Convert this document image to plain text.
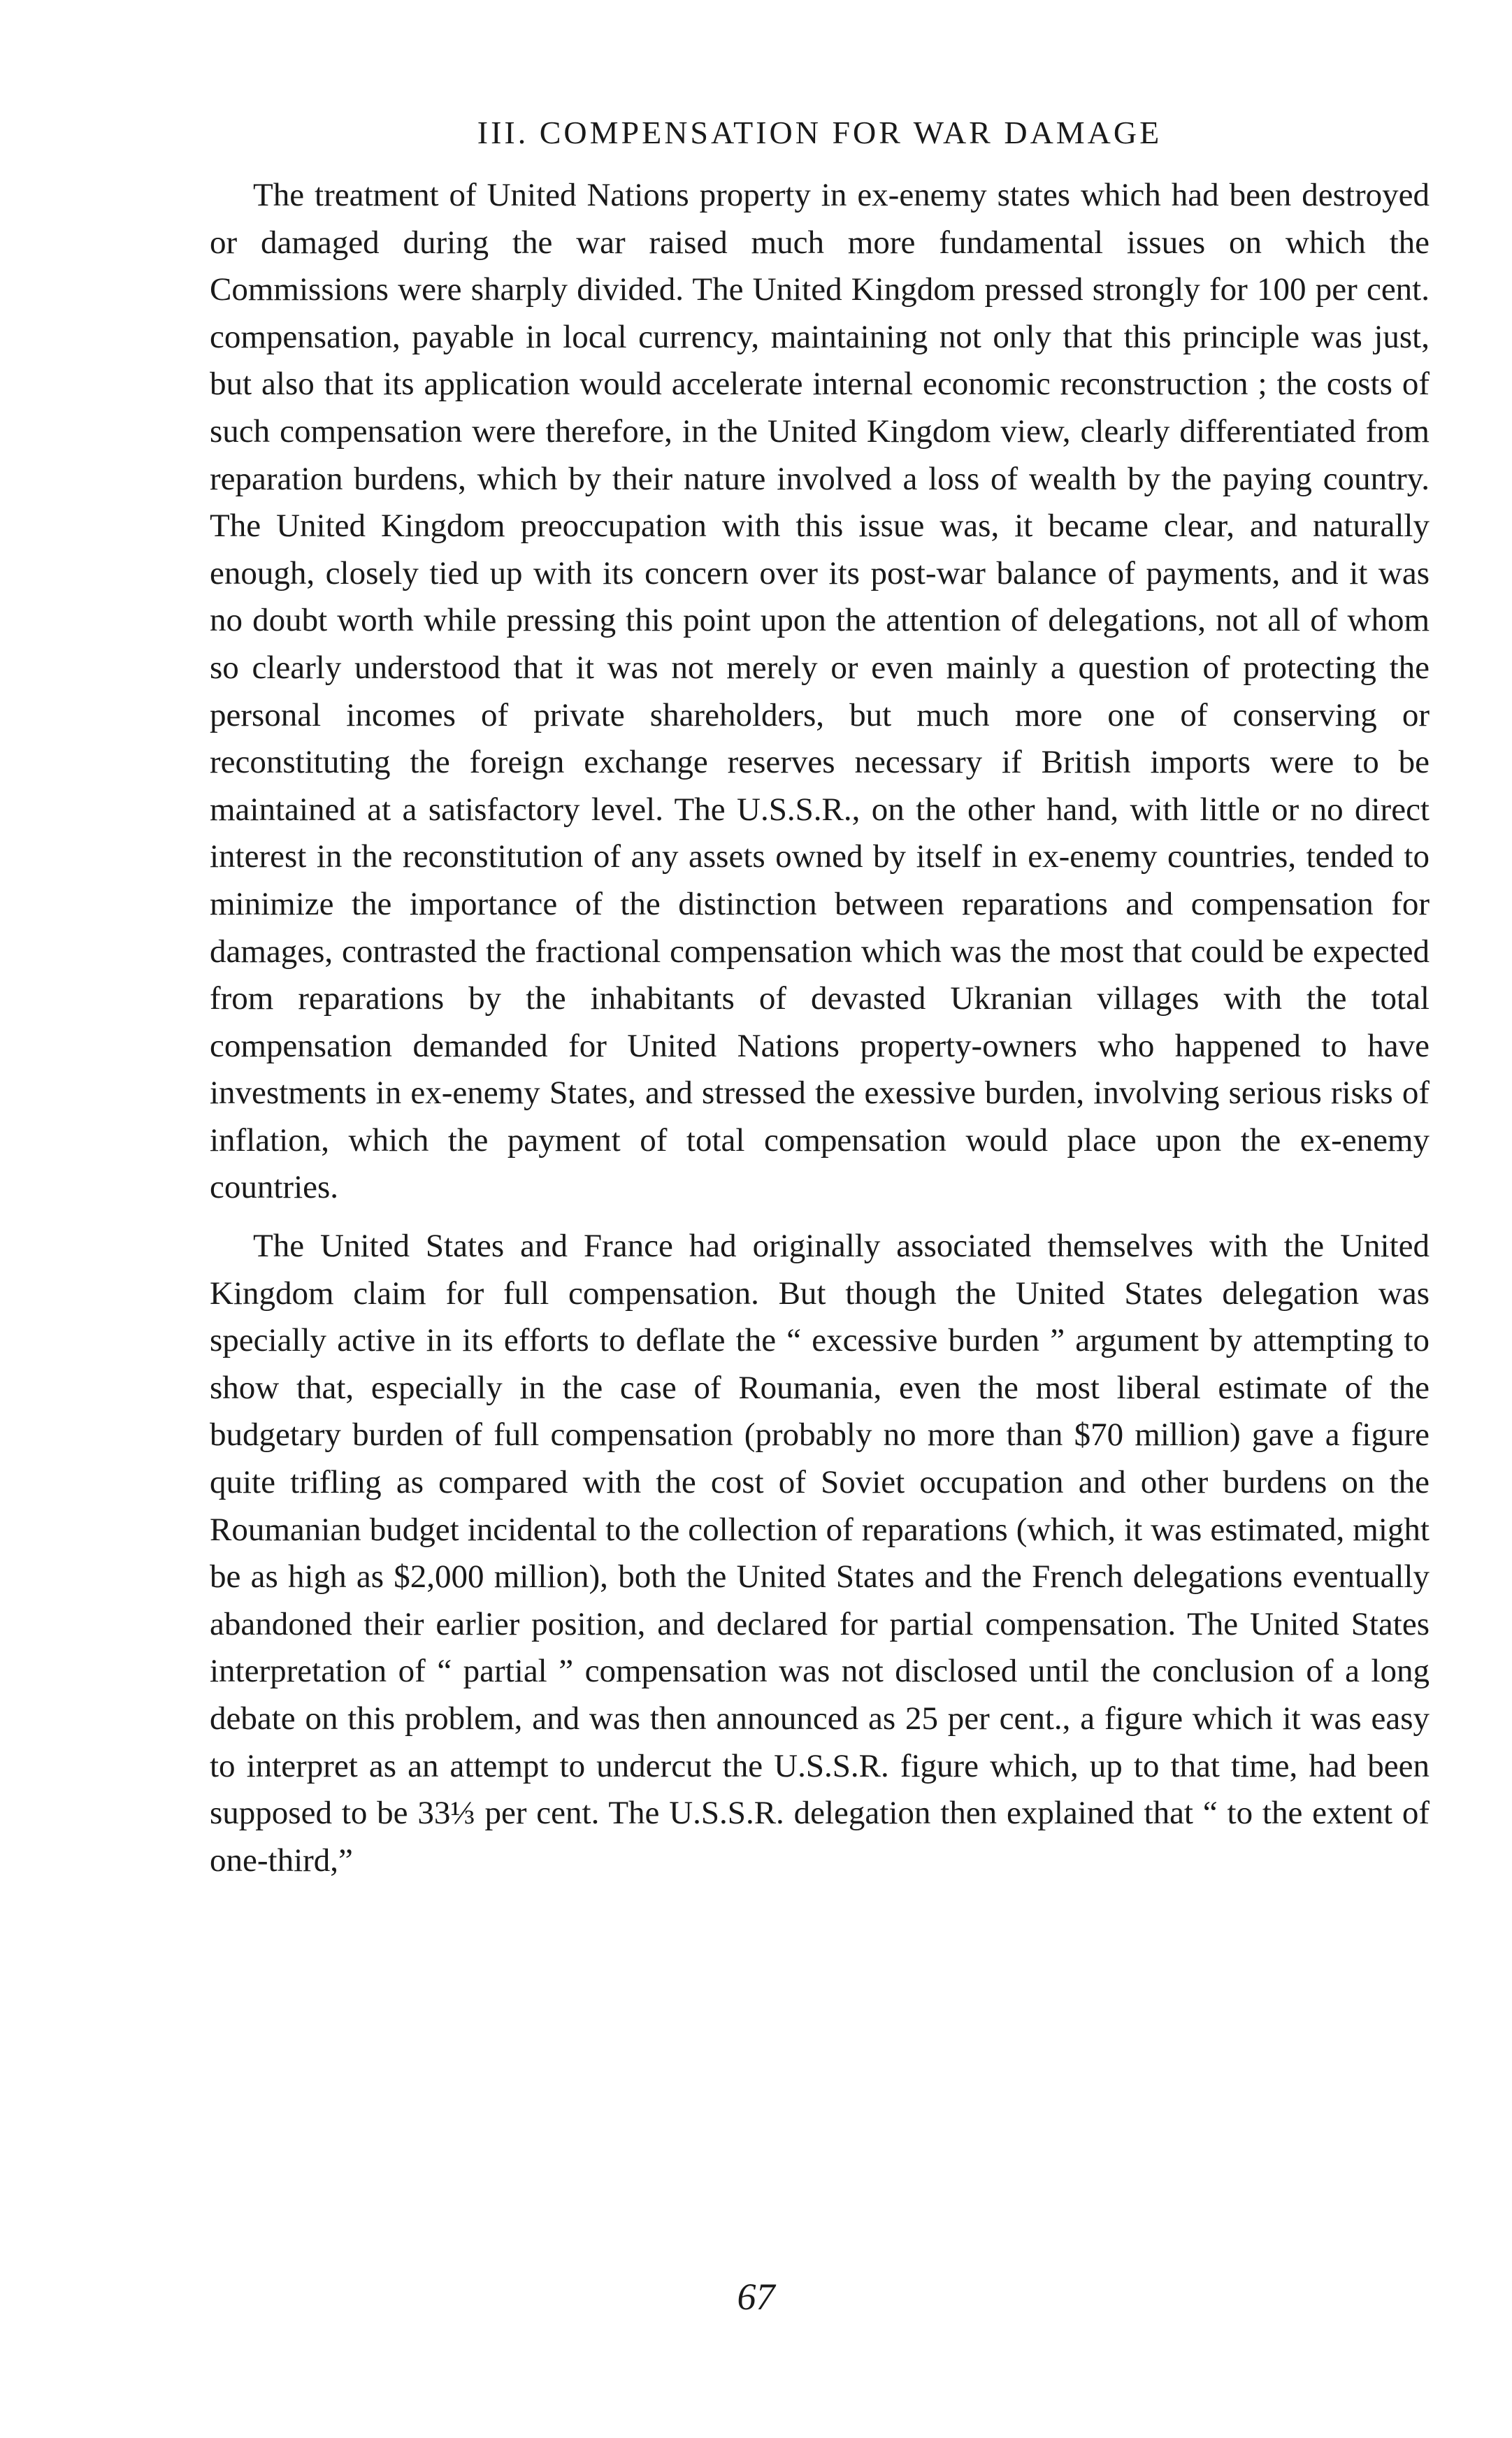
III. COMPENSATION FOR WAR DAMAGE

The treatment of United Nations property in ex-enemy states which had been destroyed or damaged during the war raised much more fundamental issues on which the Commissions were sharply divided. The United Kingdom pressed strongly for 100 per cent. compensation, payable in local currency, maintaining not only that this principle was just, but also that its application would accelerate internal economic reconstruction ; the costs of such compensation were therefore, in the United Kingdom view, clearly differentiated from reparation burdens, which by their nature involved a loss of wealth by the paying country. The United Kingdom preoccupation with this issue was, it became clear, and naturally enough, closely tied up with its concern over its post-war balance of payments, and it was no doubt worth while pressing this point upon the attention of delegations, not all of whom so clearly understood that it was not merely or even mainly a question of protecting the personal incomes of private shareholders, but much more one of conserving or reconstituting the foreign exchange reserves necessary if British imports were to be maintained at a satisfactory level. The U.S.S.R., on the other hand, with little or no direct interest in the reconstitution of any assets owned by itself in ex-enemy countries, tended to minimize the importance of the distinction between reparations and compensation for damages, contrasted the fractional compensation which was the most that could be expected from reparations by the inhabitants of devasted Ukranian villages with the total compensation demanded for United Nations property-owners who happened to have investments in ex-enemy States, and stressed the exessive burden, involving serious risks of inflation, which the payment of total compensation would place upon the ex-enemy countries.

The United States and France had originally associated themselves with the United Kingdom claim for full compensation. But though the United States delegation was specially active in its efforts to deflate the “ excessive burden ” argument by attempting to show that, especially in the case of Roumania, even the most liberal estimate of the budgetary burden of full compensation (probably no more than $70 million) gave a figure quite trifling as compared with the cost of Soviet occupation and other burdens on the Roumanian budget incidental to the collection of reparations (which, it was estimated, might be as high as $2,000 million), both the United States and the French delegations eventually abandoned their earlier position, and declared for partial compensation. The United States interpretation of “ partial ” compensation was not disclosed until the conclusion of a long debate on this problem, and was then announced as 25 per cent., a figure which it was easy to interpret as an attempt to undercut the U.S.S.R. figure which, up to that time, had been supposed to be 33⅓ per cent. The U.S.S.R. delegation then explained that “ to the extent of one-third,”

67
